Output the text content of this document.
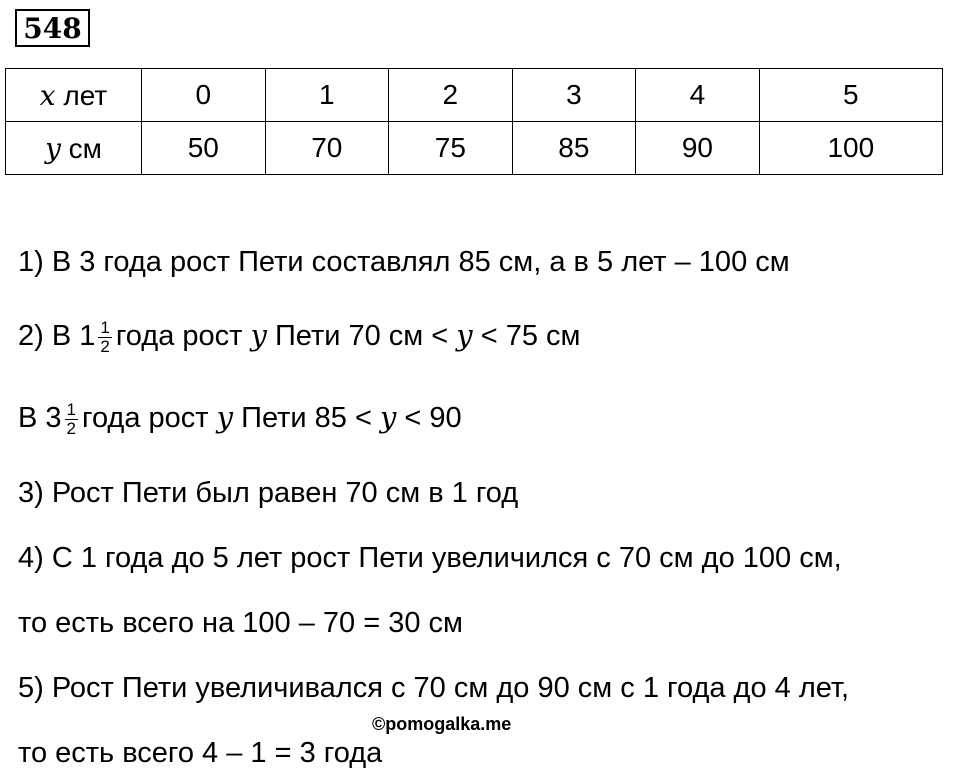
548
x лет	0	1	2	3	4	5
y см	50	70	75	85	90	100
1) В 3 года рост Пети составлял 85 см, а в 5 лет – 100 см
2) В $1 \frac{1}{2}$ года рост y Пети 70 см < y < 75 см
В $3 \frac{1}{2}$ года рост y Пети 85 < y < 90
3) Рост Пети был равен 70 см в 1 год
4) С 1 года до 5 лет рост Пети увеличился с 70 см до 100 см,
то есть всего на 100 – 70 = 30 см
5) Рост Пети увеличивался с 70 см до 90 см с 1 года до 4 лет,
©pomogalka.me
то есть всего 4 – 1 = 3 года
